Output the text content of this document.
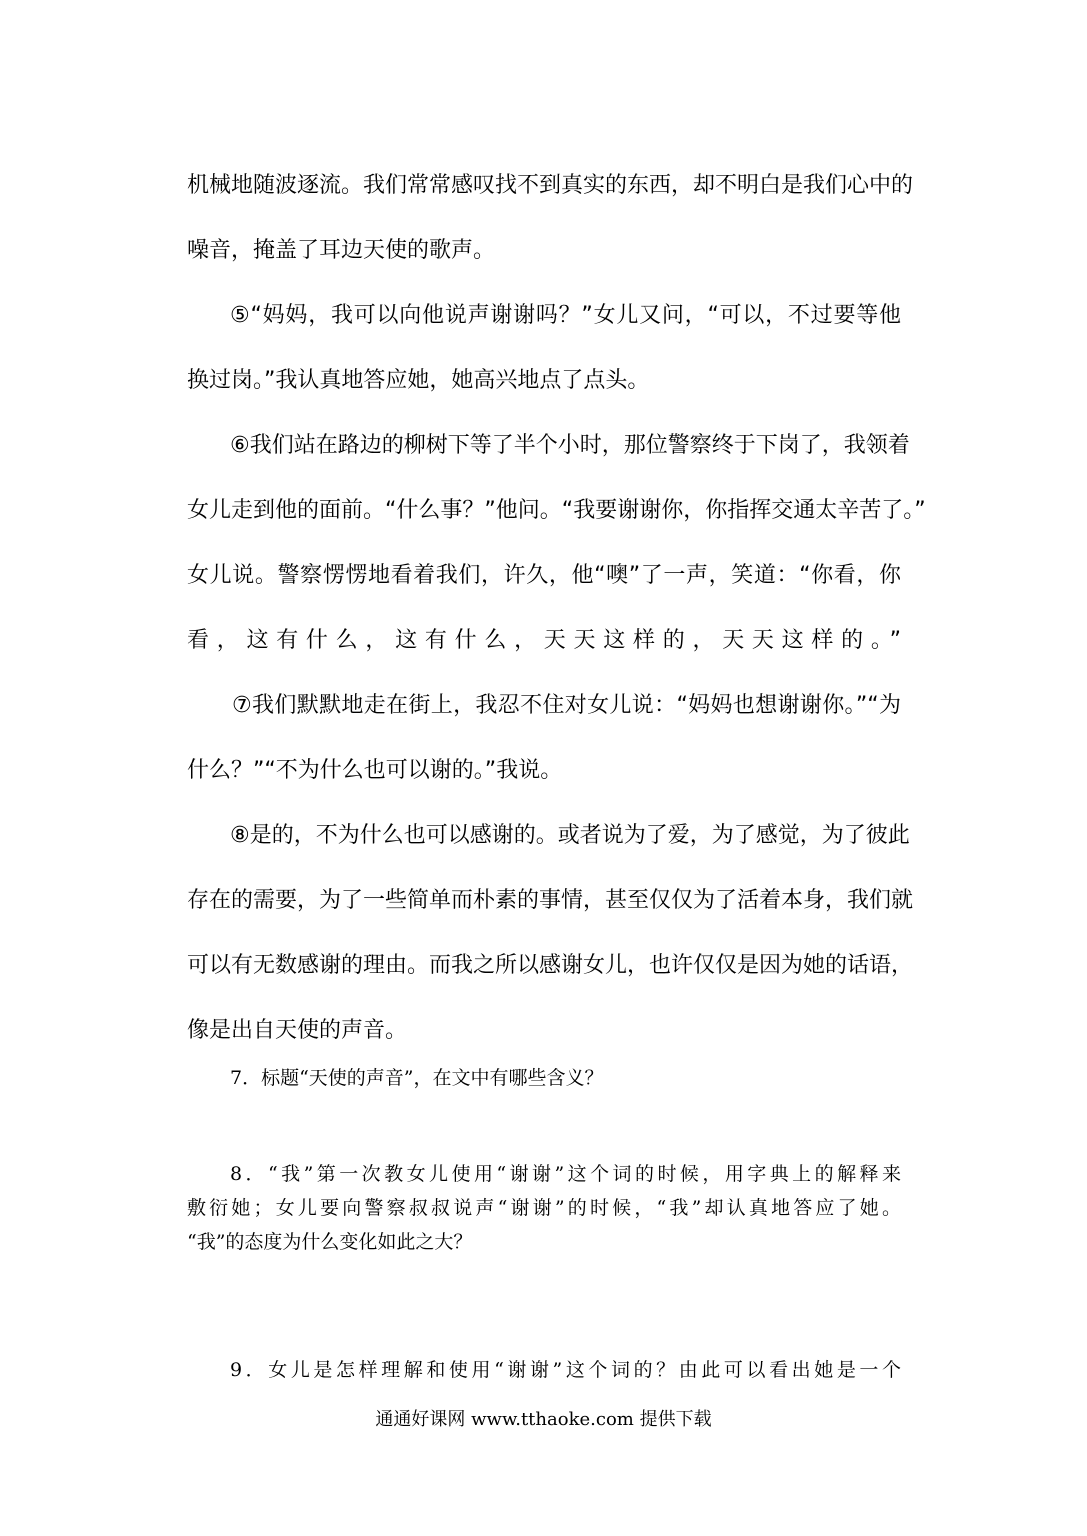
机械地随波逐流。我们常常感叹找不到真实的东西，却不明白是我们心中的
噪音，掩盖了耳边天使的歌声。
⑤“妈妈，我可以向他说声谢谢吗？”女儿又问，“可以，不过要等他
换过岗。”我认真地答应她，她高兴地点了点头。
⑥我们站在路边的柳树下等了半个小时，那位警察终于下岗了，我领着
女儿走到他的面前。“什么事？”他问。“我要谢谢你，你指挥交通太辛苦了。”
女儿说。警察愣愣地看着我们，许久，他“噢”了一声，笑道：“你看，你
看，这有什么，这有什么，天天这样的，天天这样的。”
⑦我们默默地走在街上，我忍不住对女儿说：“妈妈也想谢谢你。”“为
什么？”“不为什么也可以谢的。”我说。
⑧是的，不为什么也可以感谢的。或者说为了爱，为了感觉，为了彼此
存在的需要，为了一些简单而朴素的事情，甚至仅仅为了活着本身，我们就
可以有无数感谢的理由。而我之所以感谢女儿，也许仅仅是因为她的话语，
像是出自天使的声音。
7．标题“天使的声音”，在文中有哪些含义？
8．“我”第一次教女儿使用“谢谢”这个词的时候，用字典上的解释来
敷衍她；女儿要向警察叔叔说声“谢谢”的时候，“我”却认真地答应了她。
“我”的态度为什么变化如此之大？
9．女儿是怎样理解和使用“谢谢”这个词的？由此可以看出她是一个
通通好课网 www.tthaoke.com 提供下载
